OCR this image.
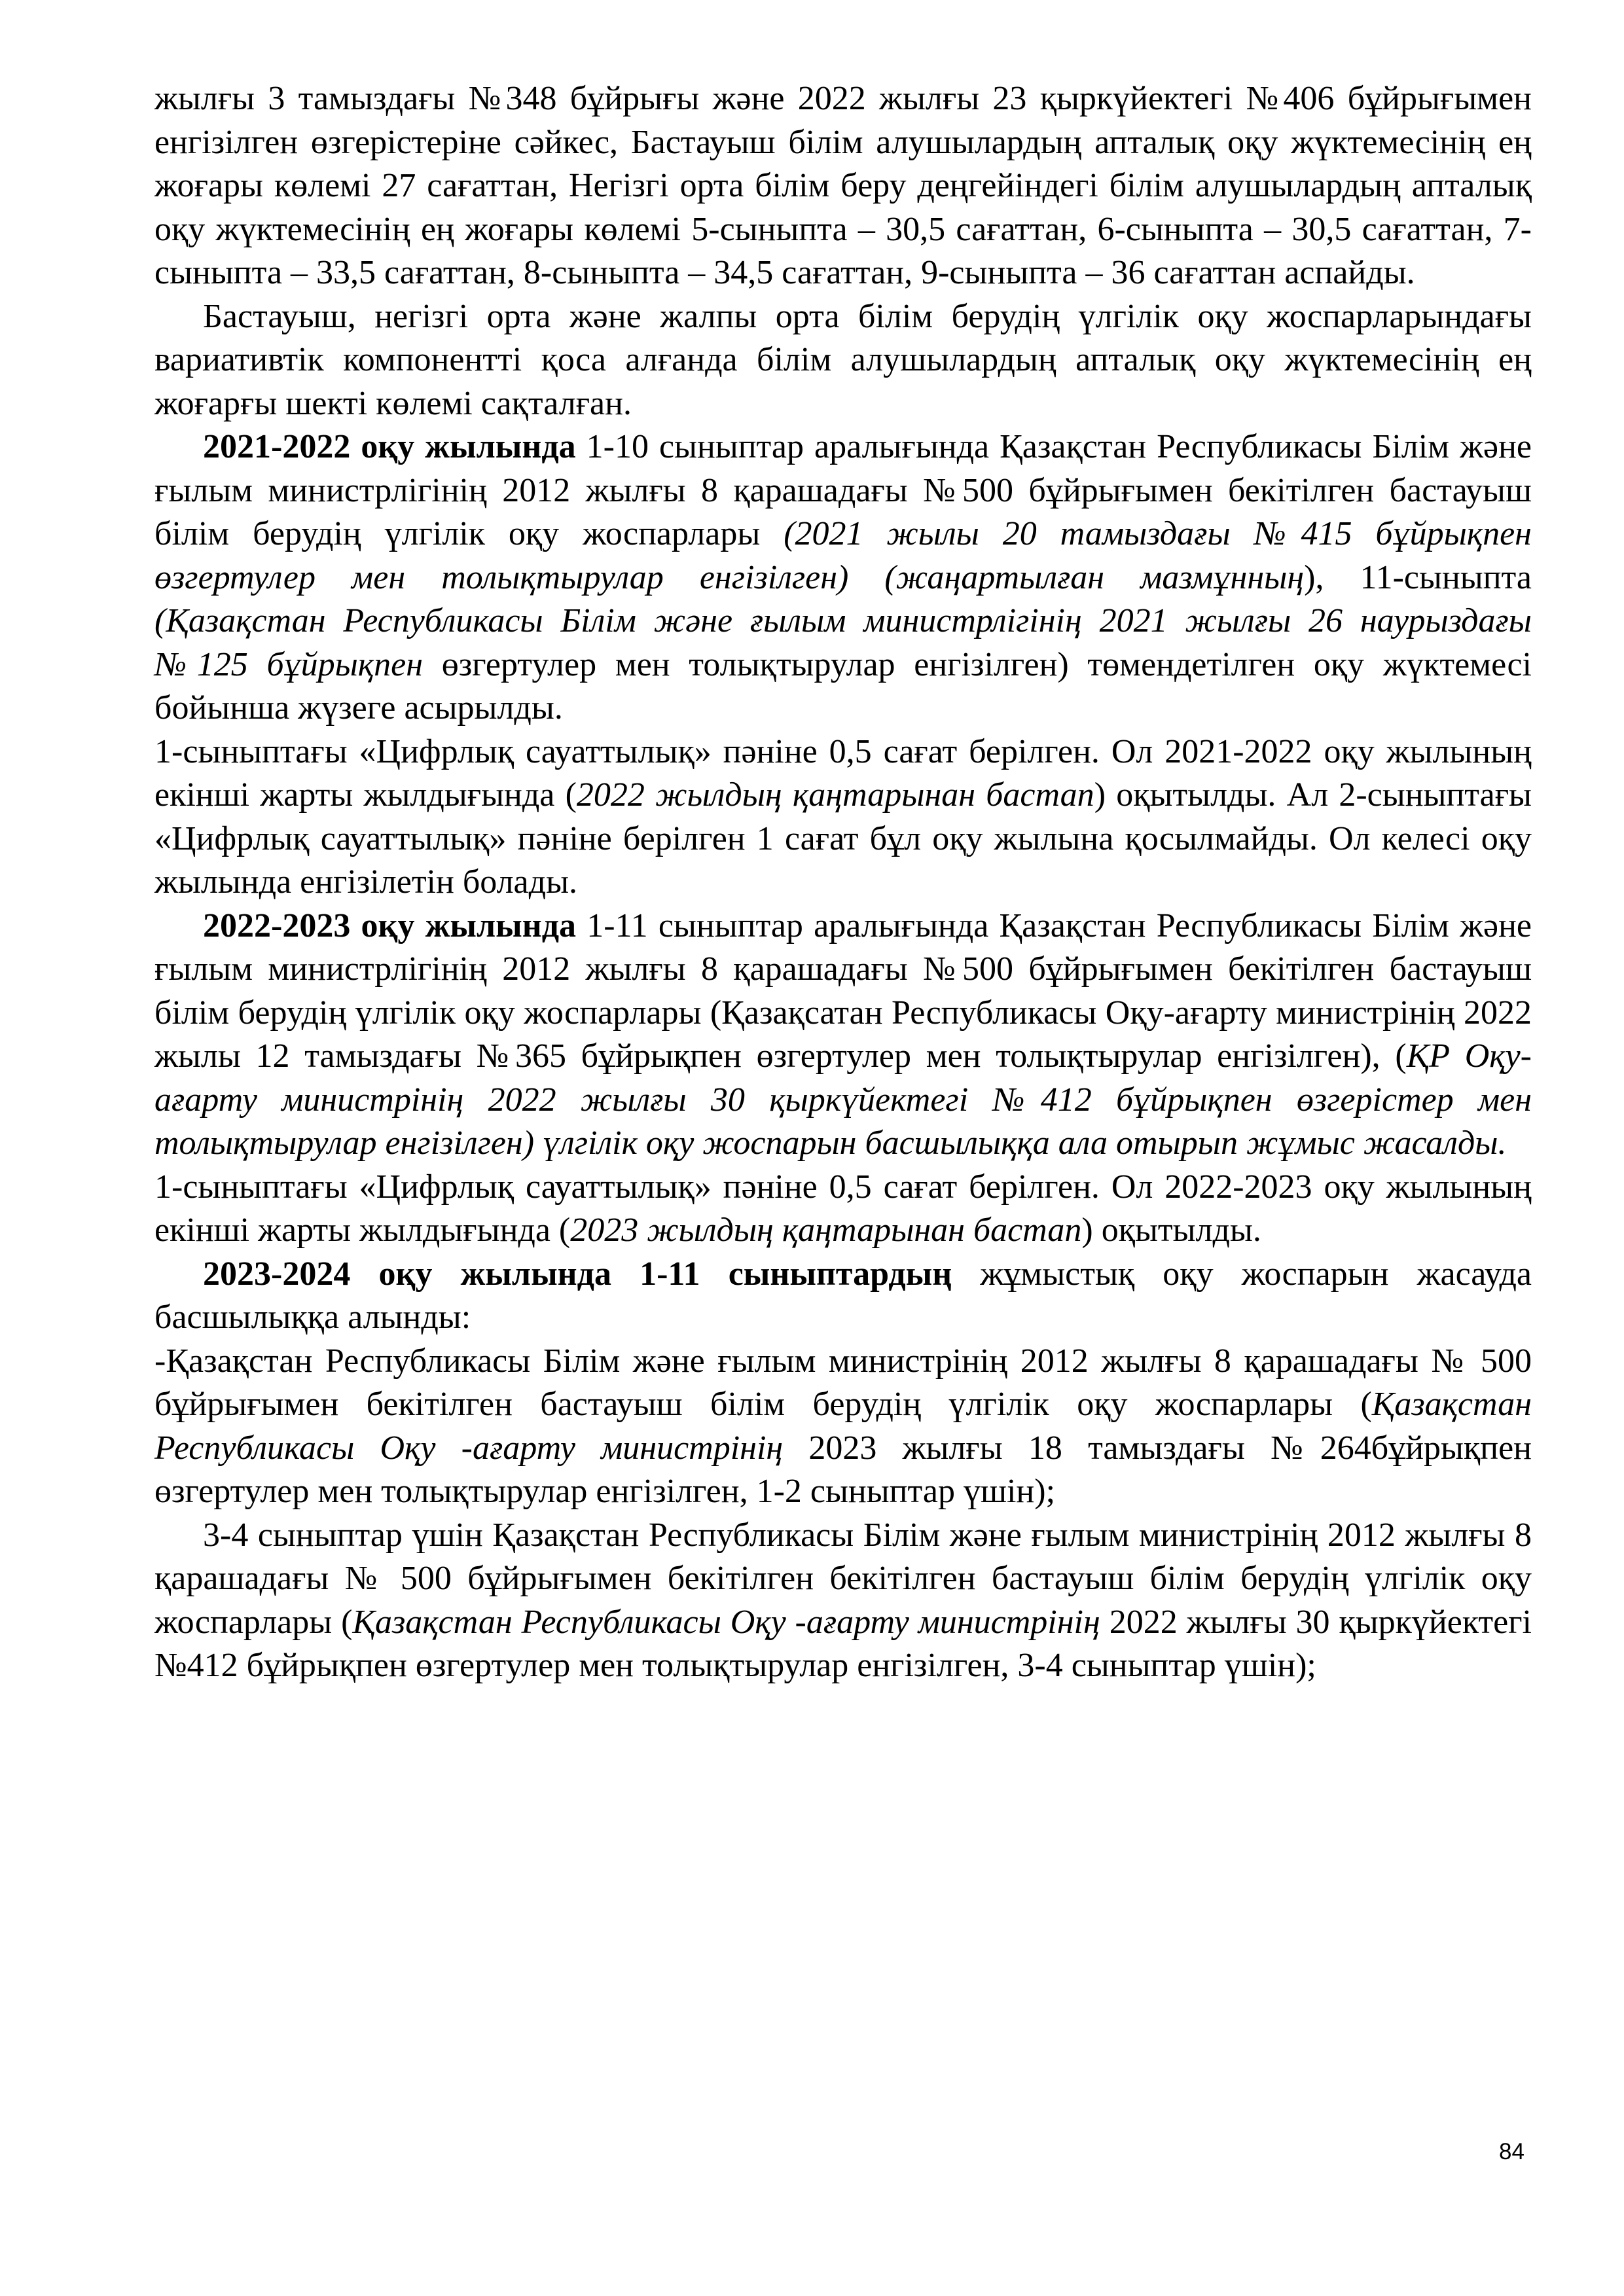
жылғы 3 тамыздағы №348 бұйрығы және 2022 жылғы 23 қыркүйектегі №406 бұйрығымен енгізілген өзгерістеріне сәйкес, Бастауыш білім алушылардың апталық оқу жүктемесінің ең жоғары көлемі 27 сағаттан, Негізгі орта білім беру деңгейіндегі білім алушылардың апталық оқу жүктемесінің ең жоғары көлемі 5-сыныпта – 30,5 сағаттан, 6-сыныпта – 30,5 сағаттан, 7-сыныпта – 33,5 сағаттан, 8-сыныпта – 34,5 сағаттан, 9-сыныпта – 36 сағаттан аспайды.

Бастауыш, негізгі орта және жалпы орта білім берудің үлгілік оқу жоспарларындағы вариативтік компонентті қоса алғанда білім алушылардың апталық оқу жүктемесінің ең жоғарғы шекті көлемі сақталған.

2021-2022 оқу жылында 1-10 сыныптар аралығында Қазақстан Республикасы Білім және ғылым министрлігінің 2012 жылғы 8 қарашадағы №500 бұйрығымен бекітілген бастауыш білім берудің үлгілік оқу жоспарлары (2021 жылы 20 тамыздағы №415 бұйрықпен өзгертулер мен толықтырулар енгізілген) (жаңартылған мазмұнның), 11-сыныпта (Қазақстан Республикасы Білім және ғылым министрлігінің 2021 жылғы 26 наурыздағы №125 бұйрықпен өзгертулер мен толықтырулар енгізілген) төмендетілген оқу жүктемесі бойынша жүзеге асырылды.

1-сыныптағы «Цифрлық сауаттылық» пәніне 0,5 сағат берілген. Ол 2021-2022 оқу жылының екінші жарты жылдығында (2022 жылдың қаңтарынан бастап) оқытылды. Ал 2-сыныптағы «Цифрлық сауаттылық» пәніне берілген 1 сағат бұл оқу жылына қосылмайды. Ол келесі оқу жылында енгізілетін болады.

2022-2023 оқу жылында 1-11 сыныптар аралығында Қазақстан Республикасы Білім және ғылым министрлігінің 2012 жылғы 8 қарашадағы №500 бұйрығымен бекітілген бастауыш білім берудің үлгілік оқу жоспарлары (Қазақсатан Республикасы Оқу-ағарту министрінің 2022 жылы 12 тамыздағы №365 бұйрықпен өзгертулер мен толықтырулар енгізілген), (ҚР Оқу-ағарту министрінің 2022 жылғы 30 қыркүйектегі №412 бұйрықпен өзгерістер мен толықтырулар енгізілген) үлгілік оқу жоспарын басшылыққа ала отырып жұмыс жасалды.

1-сыныптағы «Цифрлық сауаттылық» пәніне 0,5 сағат берілген. Ол 2022-2023 оқу жылының екінші жарты жылдығында (2023 жылдың қаңтарынан бастап) оқытылды.

2023-2024 оқу жылында 1-11 сыныптардың жұмыстық оқу жоспарын жасауда басшылыққа алынды:

-Қазақстан Республикасы Білім және ғылым министрінің 2012 жылғы 8 қарашадағы № 500 бұйрығымен бекітілген бастауыш білім берудің үлгілік оқу жоспарлары (Қазақстан Республикасы Оқу -ағарту министрінің 2023 жылғы 18 тамыздағы №264бұйрықпен өзгертулер мен толықтырулар енгізілген, 1-2 сыныптар үшін);

3-4 сыныптар үшін Қазақстан Республикасы Білім және ғылым министрінің 2012 жылғы 8 қарашадағы № 500 бұйрығымен бекітілген бекітілген бастауыш білім берудің үлгілік оқу жоспарлары (Қазақстан Республикасы Оқу -ағарту министрінің 2022 жылғы 30 қыркүйектегі №412 бұйрықпен өзгертулер мен толықтырулар енгізілген, 3-4 сыныптар үшін);

84
